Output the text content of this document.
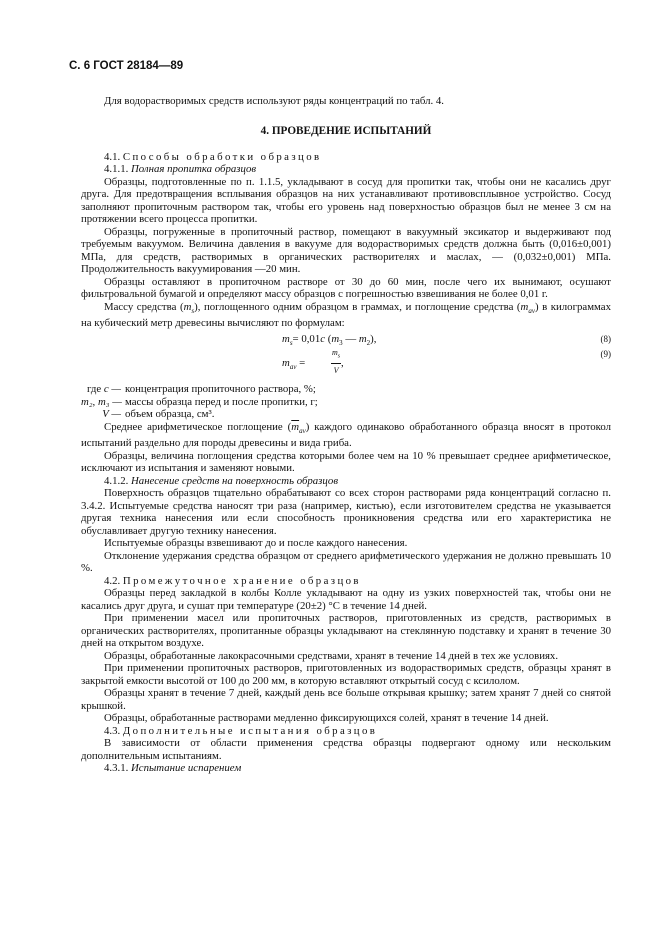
С. 6 ГОСТ 28184—89

Для водорастворимых средств используют ряды концентраций по табл. 4.

4. ПРОВЕДЕНИЕ ИСПЫТАНИЙ

4.1. Способы обработки образцов

4.1.1. Полная пропитка образцов

Образцы, подготовленные по п. 1.1.5, укладывают в сосуд для пропитки так, чтобы они не касались друг друга. Для предотвращения всплывания образцов на них устанавливают противовсплывное устройство. Сосуд заполняют пропиточным раствором так, чтобы его уровень над поверхностью образцов был не менее 3 см на протяжении всего процесса пропитки.

Образцы, погруженные в пропиточный раствор, помещают в вакуумный эксикатор и выдерживают под требуемым вакуумом. Величина давления в вакууме для водорастворимых средств должна быть (0,016±0,001) МПа, для средств, растворимых в органических растворителях и маслах, — (0,032±0,001) МПа. Продолжительность вакуумирования —20 мин.

Образцы оставляют в пропиточном растворе от 30 до 60 мин, после чего их вынимают, осушают фильтровальной бумагой и определяют массу образцов с погрешностью взвешивания не более 0,01 г.

Массу средства $(m_s)$, поглощенного одним образцом в граммах, и поглощение средства $(m_{av})$ в килограммах на кубический метр древесины вычисляют по формулам:

$m_s= 0,01c$ ($m_3$ — $m_2$),	(8)
$m_{av}$ =	$\frac{m_s}{V}$ ,
(9)
где c — концентрация пропиточного раствора, %;
m₂, m₃ — массы образца перед и после пропитки, г;
V — объем образца, см³.

Среднее арифметическое поглощение $(\overline{m}_{av})$ каждого одинаково обработанного образца вносят в протокол испытаний раздельно для породы древесины и вида гриба.

Образцы, величина поглощения средства которыми более чем на 10 % превышает среднее арифметическое, исключают из испытания и заменяют новыми.

4.1.2. Нанесение средств на поверхность образцов

Поверхность образцов тщательно обрабатывают со всех сторон растворами ряда концентраций согласно п. 3.4.2. Испытуемые средства наносят три раза (например, кистью), если изготовителем средства не указывается другая техника нанесения или если способность проникновения средства или его характеристика не обуславливает другую технику нанесения.

Испытуемые образцы взвешивают до и после каждого нанесения.

Отклонение удержания средства образцом от среднего арифметического удержания не должно превышать 10 %.

4.2. Промежуточное хранение образцов

Образцы перед закладкой в колбы Колле укладывают на одну из узких поверхностей так, чтобы они не касались друг друга, и сушат при температуре (20±2) °С в течение 14 дней.

При применении масел или пропиточных растворов, приготовленных из средств, растворимых в органических растворителях, пропитанные образцы укладывают на стеклянную подставку и хранят в течение 30 дней на открытом воздухе.

Образцы, обработанные лакокрасочными средствами, хранят в течение 14 дней в тех же условиях.

При применении пропиточных растворов, приготовленных из водорастворимых средств, образцы хранят в закрытой емкости высотой от 100 до 200 мм, в которую вставляют открытый сосуд с ксилолом.

Образцы хранят в течение 7 дней, каждый день все больше открывая крышку; затем хранят 7 дней со снятой крышкой.

Образцы, обработанные растворами медленно фиксирующихся солей, хранят в течение 14 дней.

4.3. Дополнительные испытания образцов

В зависимости от области применения средства образцы подвергают одному или нескольким дополнительным испытаниям.

4.3.1. Испытание испарением
